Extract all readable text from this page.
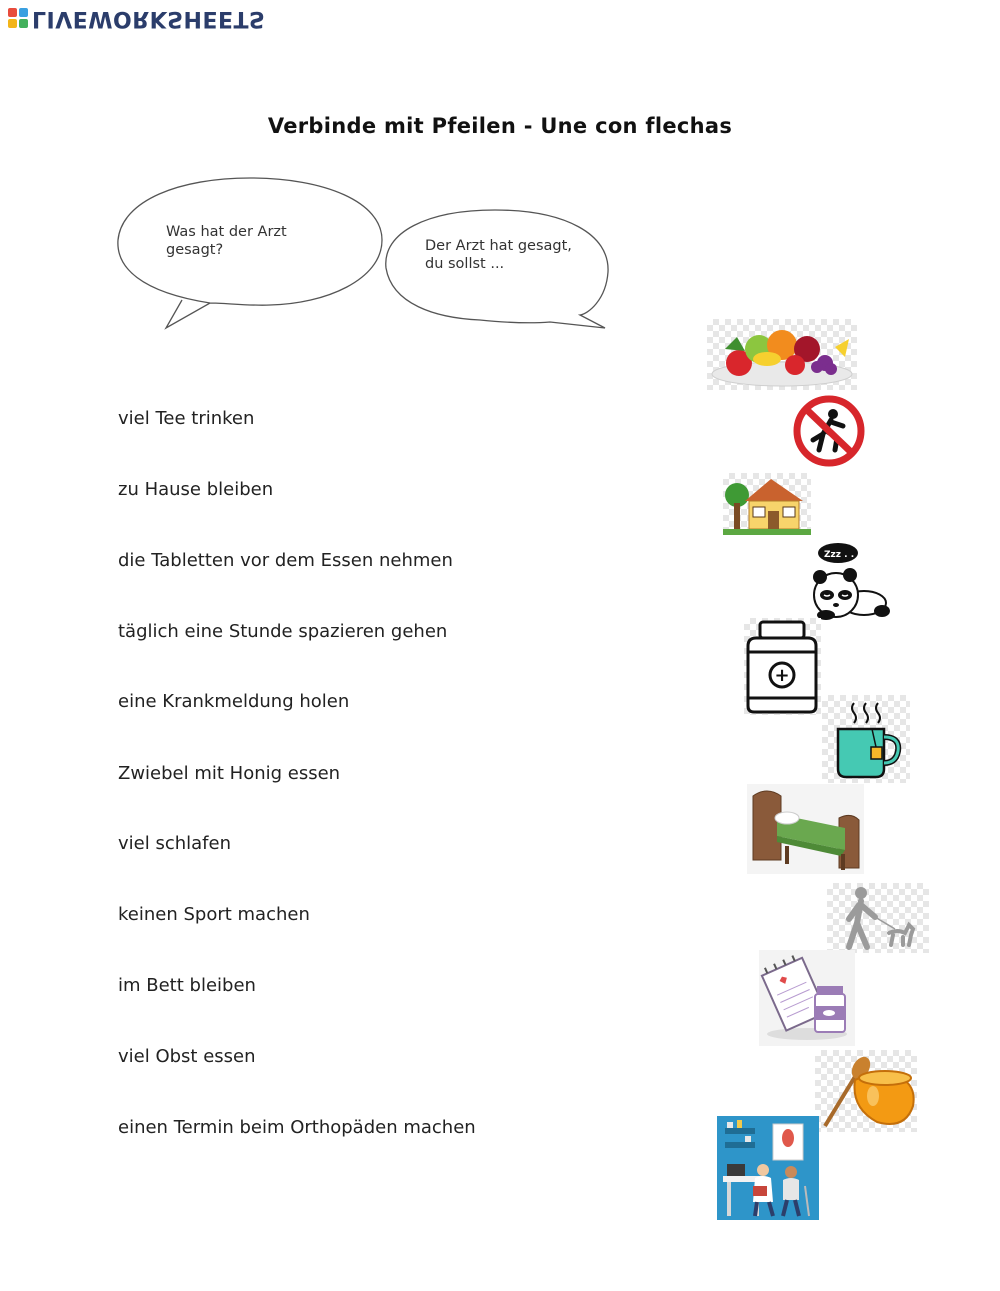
LIVEWORKSHEETS
Verbinde mit Pfeilen - Une con flechas
Was hat der Arzt gesagt?	Der Arzt hat gesagt, du sollst ...
viel Tee trinken
zu Hause bleiben
die Tabletten vor dem Essen nehmen
täglich eine Stunde spazieren gehen
eine Krankmeldung holen
Zwiebel mit Honig essen
viel schlafen
keinen Sport machen
im Bett bleiben
viel Obst essen
einen Termin beim Orthopäden machen
Zzz . .
+
